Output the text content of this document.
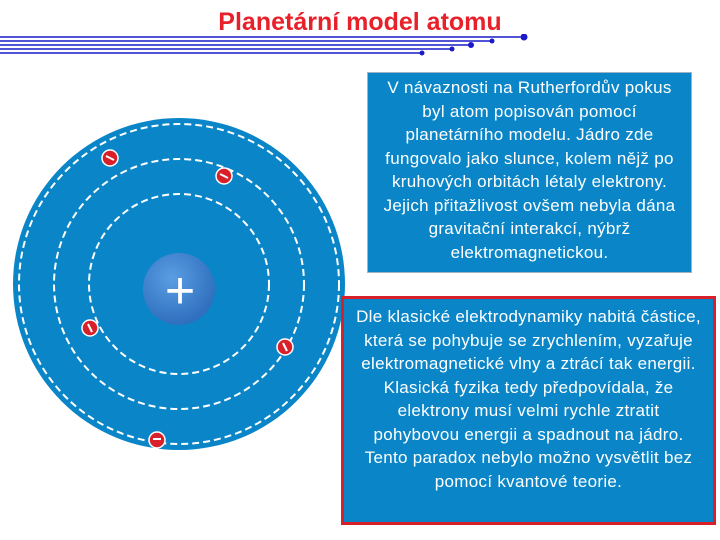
Planetární model atomu
+
V návaznosti na Rutherfordův pokus byl atom popisován pomocí planetárního modelu. Jádro zde fungovalo jako slunce, kolem nějž po kruhových orbitách létaly elektrony. Jejich přitažlivost ovšem nebyla dána gravitační interakcí, nýbrž elektromagnetickou.
Dle klasické elektrodynamiky nabitá částice, která se pohybuje se zrychlením, vyzařuje elektromagnetické vlny a ztrácí tak energii. Klasická fyzika tedy předpovídala, že elektrony musí velmi rychle ztratit pohybovou energii a spadnout na jádro. Tento paradox nebylo možno vysvětlit bez pomocí kvantové teorie.
